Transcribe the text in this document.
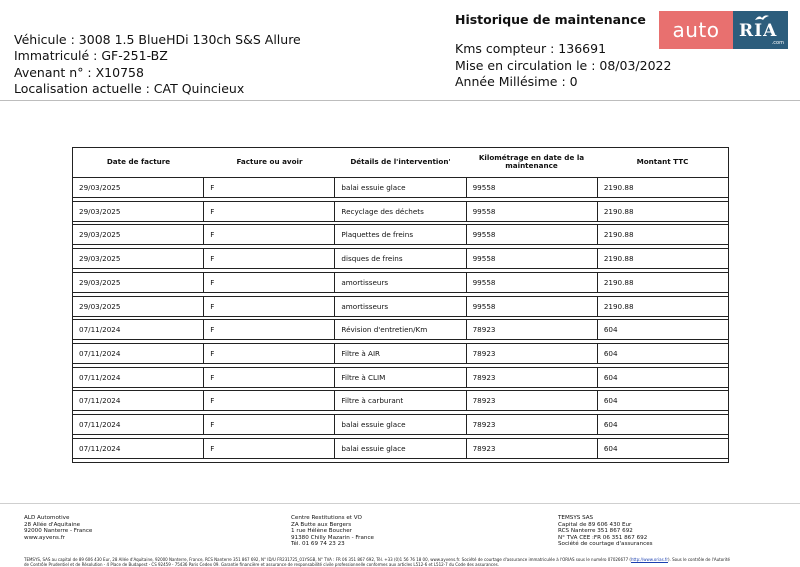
Véhicule : 3008 1.5 BlueHDi 130ch S&S Allure
Immatriculé : GF-251-BZ
Avenant n° : X10758
Localisation actuelle : CAT Quincieux
Historique de maintenance
Kms compteur : 136691
Mise en circulation le : 08/03/2022
Année Millésime : 0
auto	RIA
.com
Date de facture	Facture ou avoir	Détails de l'intervention'	Kilométrage en date de la maintenance	Montant TTC
29/03/2025	F	balai essuie glace	99558	2190.88
29/03/2025	F	Recyclage des déchets	99558	2190.88
29/03/2025	F	Plaquettes de freins	99558	2190.88
29/03/2025	F	disques de freins	99558	2190.88
29/03/2025	F	amortisseurs	99558	2190.88
29/03/2025	F	amortisseurs	99558	2190.88
07/11/2024	F	Révision d'entretien/Km	78923	604
07/11/2024	F	Filtre à AIR	78923	604
07/11/2024	F	Filtre à CLIM	78923	604
07/11/2024	F	Filtre à carburant	78923	604
07/11/2024	F	balai essuie glace	78923	604
07/11/2024	F	balai essuie glace	78923	604
ALD Automotive
28 Allée d'Aquitaine
92000 Nanterre - France
www.ayvens.fr
Centre Restitutions et VO
ZA Butte aux Bergers
1 rue Hélène Boucher
91380 Chilly Mazarin - France
Tél. 01 69 74 23 23
TEMSYS SAS
Capital de 89 606 430 Eur
RCS Nanterre 351 867 692
N° TVA CEE :FR 06 351 867 692
Société de courtage d'assurances
TEMSYS, SAS au capital de 89 606 430 Eur, 28 Allée d'Aquitaine, 92000 Nanterre, France, RCS Nanterre 351 867 692, N° ID/U FR231725_01YSGB, N° TVA : FR 06 351 867 692, Tél. +33 (0)1 56 76 18 00, www.ayvens.fr. Société de courtage d'assurance immatriculée à l'ORIAS sous le numéro 07026677 (http://www.orias.fr). Sous le contrôle de l'Autorité
de Contrôle Prudentiel et de Résolution - 4 Place de Budapest - CS 92459 - 75436 Paris Cedex 09. Garantie financière et assurance de responsabilité civile professionnelle conformes aux articles L512-6 et L512-7 du Code des assurances.
